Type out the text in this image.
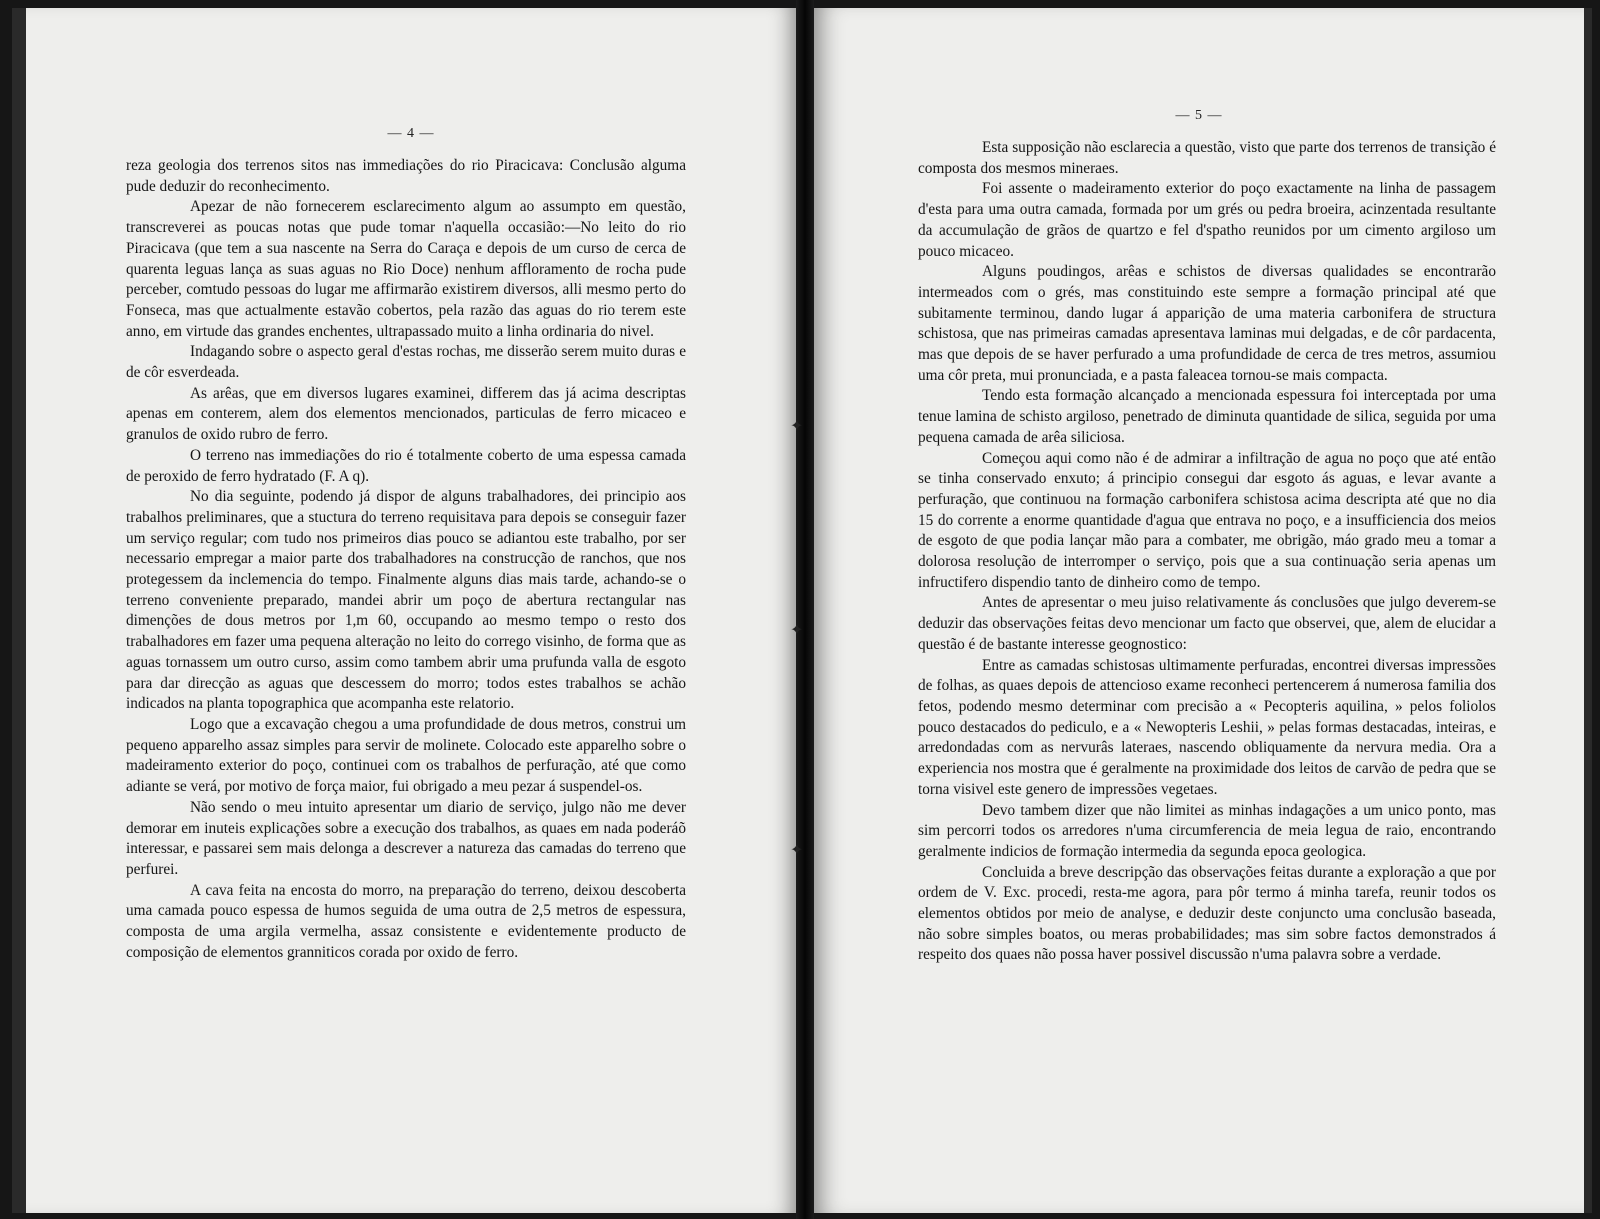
— 4 —

reza geologia dos terrenos sitos nas immediações do rio Piracicava: Conclusão alguma pude deduzir do reconhecimento.

Apezar de não fornecerem esclarecimento algum ao assumpto em questão, transcreverei as poucas notas que pude tomar n'aquella occasião:—No leito do rio Piracicava (que tem a sua nascente na Serra do Caraça e depois de um curso de cerca de quarenta leguas lança as suas aguas no Rio Doce) nenhum affloramento de rocha pude perceber, comtudo pessoas do lugar me affirmarão existirem diversos, alli mesmo perto do Fonseca, mas que actualmente estavão cobertos, pela razão das aguas do rio terem este anno, em virtude das grandes enchentes, ultrapassado muito a linha ordinaria do nivel.

Indagando sobre o aspecto geral d'estas rochas, me disserão serem muito duras e de côr esverdeada.

As arêas, que em diversos lugares examinei, differem das já acima descriptas apenas em conterem, alem dos elementos mencionados, particulas de ferro micaceo e granulos de oxido rubro de ferro.

O terreno nas immediações do rio é totalmente coberto de uma espessa camada de peroxido de ferro hydratado (F. A q).

No dia seguinte, podendo já dispor de alguns trabalhadores, dei principio aos trabalhos preliminares, que a stuctura do terreno requisitava para depois se conseguir fazer um serviço regular; com tudo nos primeiros dias pouco se adiantou este trabalho, por ser necessario empregar a maior parte dos trabalhadores na construcção de ranchos, que nos protegessem da inclemencia do tempo. Finalmente alguns dias mais tarde, achando-se o terreno conveniente preparado, mandei abrir um poço de abertura rectangular nas dimenções de dous metros por 1,m 60, occupando ao mesmo tempo o resto dos trabalhadores em fazer uma pequena alteração no leito do corrego visinho, de forma que as aguas tornassem um outro curso, assim como tambem abrir uma prufunda valla de esgoto para dar direcção as aguas que descessem do morro; todos estes trabalhos se achão indicados na planta topographica que acompanha este relatorio.

Logo que a excavação chegou a uma profundidade de dous metros, construi um pequeno apparelho assaz simples para servir de molinete. Colocado este apparelho sobre o madeiramento exterior do poço, continuei com os trabalhos de perfuração, até que como adiante se verá, por motivo de força maior, fui obrigado a meu pezar á suspendel-os.

Não sendo o meu intuito apresentar um diario de serviço, julgo não me dever demorar em inuteis explicações sobre a execução dos trabalhos, as quaes em nada poderáõ interessar, e passarei sem mais delonga a descrever a natureza das camadas do terreno que perfurei.

A cava feita na encosta do morro, na preparação do terreno, deixou descoberta uma camada pouco espessa de humos seguida de uma outra de 2,5 metros de espessura, composta de uma argila vermelha, assaz consistente e evidentemente producto de composição de elementos granniticos corada por oxido de ferro.

— 5 —

Esta supposição não esclarecia a questão, visto que parte dos terrenos de transição é composta dos mesmos mineraes.

Foi assente o madeiramento exterior do poço exactamente na linha de passagem d'esta para uma outra camada, formada por um grés ou pedra broeira, acinzentada resultante da accumulação de grãos de quartzo e fel d'spatho reunidos por um cimento argiloso um pouco micaceo.

Alguns poudingos, arêas e schistos de diversas qualidades se encontrarão intermeados com o grés, mas constituindo este sempre a formação principal até que subitamente terminou, dando lugar á apparição de uma materia carbonifera de structura schistosa, que nas primeiras camadas apresentava laminas mui delgadas, e de côr pardacenta, mas que depois de se haver perfurado a uma profundidade de cerca de tres metros, assumiou uma côr preta, mui pronunciada, e a pasta faleacea tornou-se mais compacta.

Tendo esta formação alcançado a mencionada espessura foi interceptada por uma tenue lamina de schisto argiloso, penetrado de diminuta quantidade de silica, seguida por uma pequena camada de arêa siliciosa.

Começou aqui como não é de admirar a infiltração de agua no poço que até então se tinha conservado enxuto; á principio consegui dar esgoto ás aguas, e levar avante a perfuração, que continuou na formação carbonifera schistosa acima descripta até que no dia 15 do corrente a enorme quantidade d'agua que entrava no poço, e a insufficiencia dos meios de esgoto de que podia lançar mão para a combater, me obrigão, máo grado meu a tomar a dolorosa resolução de interromper o serviço, pois que a sua continuação seria apenas um infructifero dispendio tanto de dinheiro como de tempo.

Antes de apresentar o meu juiso relativamente ás conclusões que julgo deverem-se deduzir das observações feitas devo mencionar um facto que observei, que, alem de elucidar a questão é de bastante interesse geognostico:

Entre as camadas schistosas ultimamente perfuradas, encontrei diversas impressões de folhas, as quaes depois de attencioso exame reconheci pertencerem á numerosa familia dos fetos, podendo mesmo determinar com precisão a « Pecopteris aquilina, » pelos foliolos pouco destacados do pediculo, e a « Newopteris Leshii, » pelas formas destacadas, inteiras, e arredondadas com as nervurâs lateraes, nascendo obliquamente da nervura media. Ora a experiencia nos mostra que é geralmente na proximidade dos leitos de carvão de pedra que se torna visivel este genero de impressões vegetaes.

Devo tambem dizer que não limitei as minhas indagações a um unico ponto, mas sim percorri todos os arredores n'uma circumferencia de meia legua de raio, encontrando geralmente indicios de formação intermedia da segunda epoca geologica.

Concluida a breve descripção das observações feitas durante a exploração a que por ordem de V. Exc. procedi, resta-me agora, para pôr termo á minha tarefa, reunir todos os elementos obtidos por meio de analyse, e deduzir deste conjuncto uma conclusão baseada, não sobre simples boatos, ou meras probabilidades; mas sim sobre factos demonstrados á respeito dos quaes não possa haver possivel discussão n'uma palavra sobre a verdade.

✦
✦
✦
